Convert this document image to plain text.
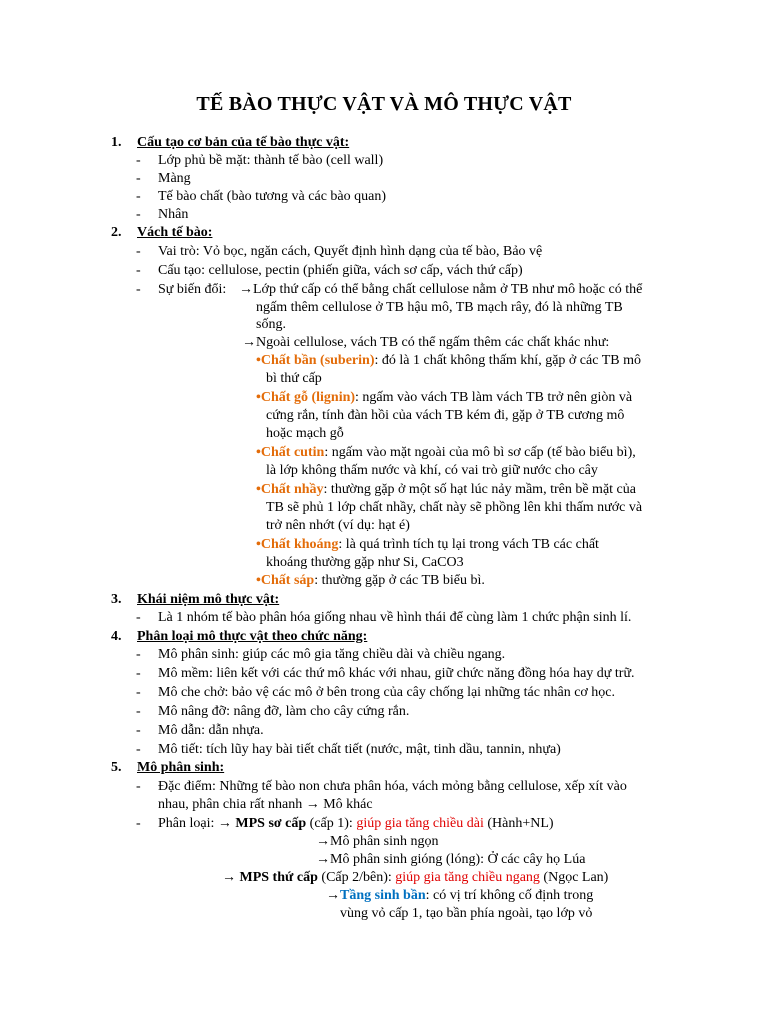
TẾ BÀO THỰC VẬT VÀ MÔ THỰC VẬT
1. Cấu tạo cơ bản của tế bào thực vật:
- Lớp phủ bề mặt: thành tế bào (cell wall)
- Màng
- Tế bào chất (bào tương và các bào quan)
- Nhân
2. Vách tế bào:
- Vai trò: Vỏ bọc, ngăn cách, Quyết định hình dạng của tế bào, Bảo vệ
- Cấu tạo: cellulose, pectin (phiến giữa, vách sơ cấp, vách thứ cấp)
- Sự biến đổi: →Lớp thứ cấp có thể bằng chất cellulose nằm ở TB như mô hoặc có thể
ngấm thêm cellulose ở TB hậu mô, TB mạch rây, đó là những TB
sống.
→Ngoài cellulose, vách TB có thể ngấm thêm các chất khác như:
•Chất bần (suberin): đó là 1 chất không thấm khí, gặp ở các TB mô
bì thứ cấp
•Chất gỗ (lignin): ngấm vào vách TB làm vách TB trở nên giòn và
cứng rắn, tính đàn hồi của vách TB kém đi, gặp ở TB cương mô
hoặc mạch gỗ
•Chất cutin: ngấm vào mặt ngoài của mô bì sơ cấp (tế bào biểu bì),
là lớp không thấm nước và khí, có vai trò giữ nước cho cây
•Chất nhầy: thường gặp ở một số hạt lúc nảy mầm, trên bề mặt của
TB sẽ phủ 1 lớp chất nhầy, chất này sẽ phồng lên khi thấm nước và
trở nên nhớt (ví dụ: hạt é)
•Chất khoáng: là quá trình tích tụ lại trong vách TB các chất
khoáng thường gặp như Si, CaCO3
•Chất sáp: thường gặp ở các TB biểu bì.
3. Khái niệm mô thực vật:
- Là 1 nhóm tế bào phân hóa giống nhau về hình thái để cùng làm 1 chức phận sinh lí.
4. Phân loại mô thực vật theo chức năng:
- Mô phân sinh: giúp các mô gia tăng chiều dài và chiều ngang.
- Mô mềm: liên kết với các thứ mô khác với nhau, giữ chức năng đồng hóa hay dự trữ.
- Mô che chở: bảo vệ các mô ở bên trong của cây chống lại những tác nhân cơ học.
- Mô nâng đỡ: nâng đỡ, làm cho cây cứng rắn.
- Mô dẫn: dẫn nhựa.
- Mô tiết: tích lũy hay bài tiết chất tiết (nước, mật, tinh dầu, tannin, nhựa)
5. Mô phân sinh:
- Đặc điểm: Những tế bào non chưa phân hóa, vách mỏng bằng cellulose, xếp xít vào
nhau, phân chia rất nhanh → Mô khác
- Phân loại: → MPS sơ cấp (cấp 1): giúp gia tăng chiều dài (Hành+NL)
→Mô phân sinh ngọn
→Mô phân sinh gióng (lóng): Ở các cây họ Lúa
→ MPS thứ cấp (Cấp 2/bên): giúp gia tăng chiều ngang (Ngọc Lan)
→Tầng sinh bần: có vị trí không cố định trong
vùng vỏ cấp 1, tạo bần phía ngoài, tạo lớp vỏ
